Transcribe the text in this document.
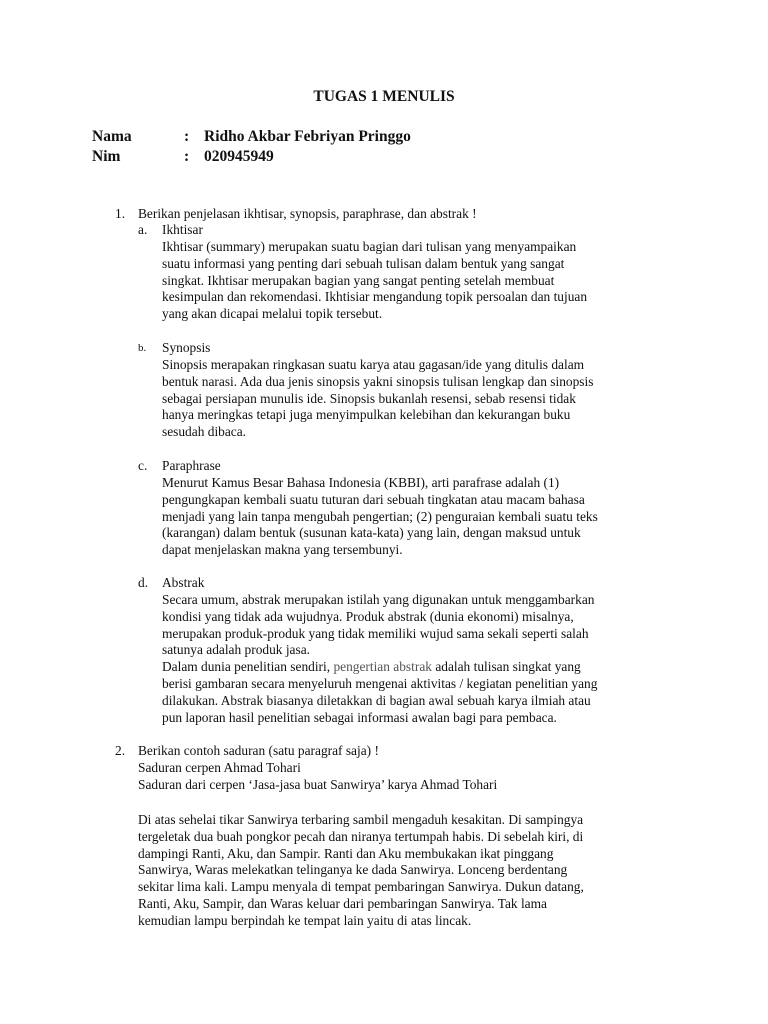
TUGAS 1 MENULIS
Nama	: Ridho Akbar Febriyan Pringgo
Nim	: 020945949
1. Berikan penjelasan ikhtisar, synopsis, paraphrase, dan abstrak !
a. Ikhtisar
Ikhtisar (summary) merupakan suatu bagian dari tulisan yang menyampaikan
suatu informasi yang penting dari sebuah tulisan dalam bentuk yang sangat
singkat. Ikhtisar merupakan bagian yang sangat penting setelah membuat
kesimpulan dan rekomendasi. Ikhtisiar mengandung topik persoalan dan tujuan
yang akan dicapai melalui topik tersebut.
b. Synopsis
Sinopsis merapakan ringkasan suatu karya atau gagasan/ide yang ditulis dalam
bentuk narasi. Ada dua jenis sinopsis yakni sinopsis tulisan lengkap dan sinopsis
sebagai persiapan munulis ide. Sinopsis bukanlah resensi, sebab resensi tidak
hanya meringkas tetapi juga menyimpulkan kelebihan dan kekurangan buku
sesudah dibaca.
c. Paraphrase
Menurut Kamus Besar Bahasa Indonesia (KBBI), arti parafrase adalah (1)
pengungkapan kembali suatu tuturan dari sebuah tingkatan atau macam bahasa
menjadi yang lain tanpa mengubah pengertian; (2) penguraian kembali suatu teks
(karangan) dalam bentuk (susunan kata-kata) yang lain, dengan maksud untuk
dapat menjelaskan makna yang tersembunyi.
d. Abstrak
Secara umum, abstrak merupakan istilah yang digunakan untuk menggambarkan
kondisi yang tidak ada wujudnya. Produk abstrak (dunia ekonomi) misalnya,
merupakan produk-produk yang tidak memiliki wujud sama sekali seperti salah
satunya adalah produk jasa.
Dalam dunia penelitian sendiri, pengertian abstrak adalah tulisan singkat yang
berisi gambaran secara menyeluruh mengenai aktivitas / kegiatan penelitian yang
dilakukan. Abstrak biasanya diletakkan di bagian awal sebuah karya ilmiah atau
pun laporan hasil penelitian sebagai informasi awalan bagi para pembaca.
2. Berikan contoh saduran (satu paragraf saja) !
Saduran cerpen Ahmad Tohari
Saduran dari cerpen ‘Jasa-jasa buat Sanwirya’ karya Ahmad Tohari
Di atas sehelai tikar Sanwirya terbaring sambil mengaduh kesakitan. Di sampingya
tergeletak dua buah pongkor pecah dan niranya tertumpah habis. Di sebelah kiri, di
dampingi Ranti, Aku, dan Sampir. Ranti dan Aku membukakan ikat pinggang
Sanwirya, Waras melekatkan telinganya ke dada Sanwirya. Lonceng berdentang
sekitar lima kali. Lampu menyala di tempat pembaringan Sanwirya. Dukun datang,
Ranti, Aku, Sampir, dan Waras keluar dari pembaringan Sanwirya. Tak lama
kemudian lampu berpindah ke tempat lain yaitu di atas lincak.
